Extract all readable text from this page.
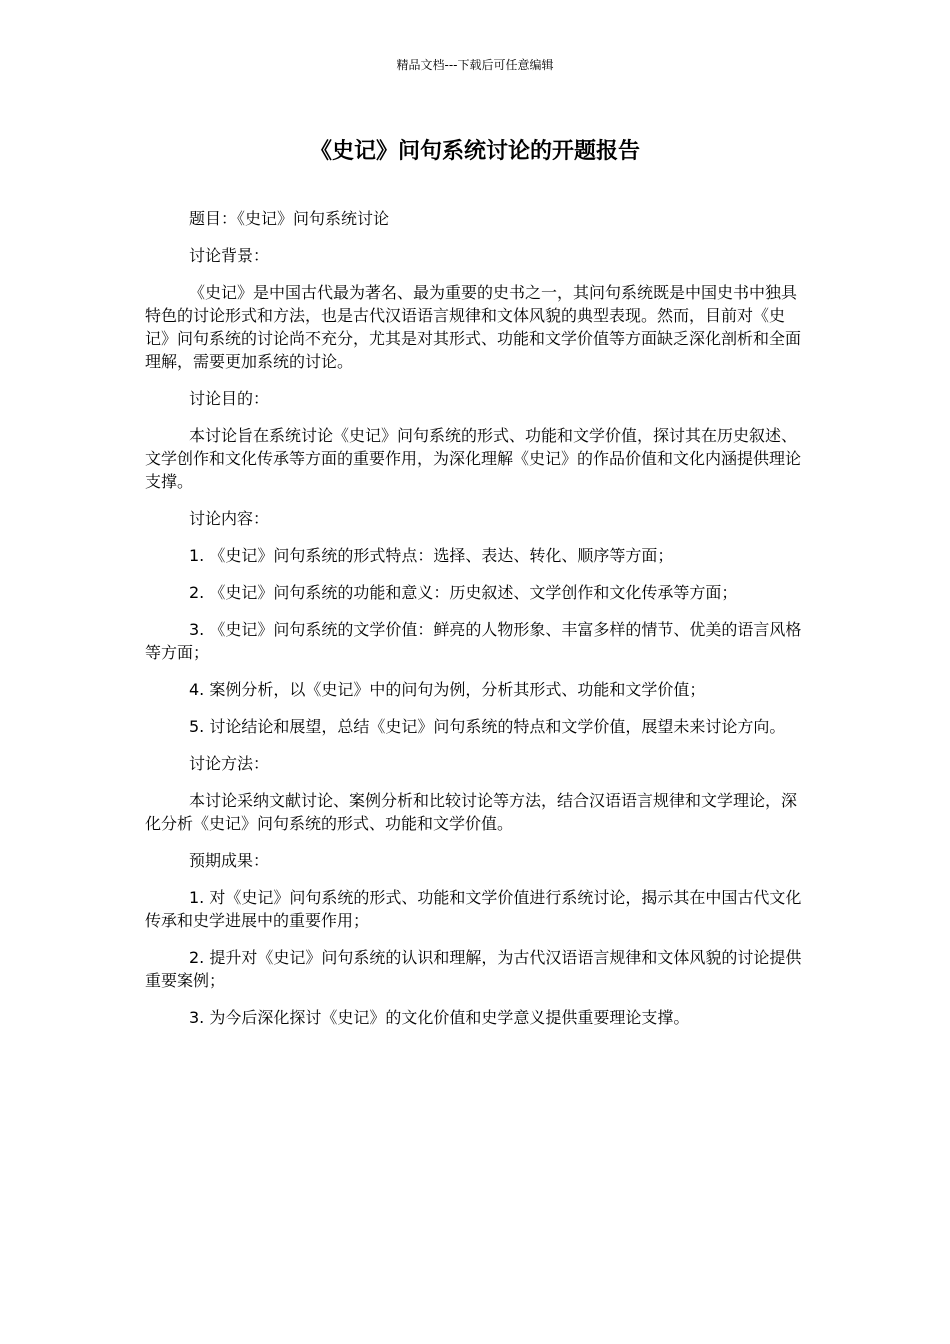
精品文档---下载后可任意编辑
《史记》问句系统讨论的开题报告

题目：《史记》问句系统讨论

讨论背景：

《史记》是中国古代最为著名、最为重要的史书之一，其问句系统既是中国史书中独具特色的讨论形式和方法，也是古代汉语语言规律和文体风貌的典型表现。然而，目前对《史记》问句系统的讨论尚不充分，尤其是对其形式、功能和文学价值等方面缺乏深化剖析和全面理解，需要更加系统的讨论。

讨论目的：

本讨论旨在系统讨论《史记》问句系统的形式、功能和文学价值，探讨其在历史叙述、文学创作和文化传承等方面的重要作用，为深化理解《史记》的作品价值和文化内涵提供理论支撑。

讨论内容：

1. 《史记》问句系统的形式特点：选择、表达、转化、顺序等方面；

2. 《史记》问句系统的功能和意义：历史叙述、文学创作和文化传承等方面；

3. 《史记》问句系统的文学价值：鲜亮的人物形象、丰富多样的情节、优美的语言风格等方面；

4. 案例分析，以《史记》中的问句为例，分析其形式、功能和文学价值；

5. 讨论结论和展望，总结《史记》问句系统的特点和文学价值，展望未来讨论方向。

讨论方法：

本讨论采纳文献讨论、案例分析和比较讨论等方法，结合汉语语言规律和文学理论，深化分析《史记》问句系统的形式、功能和文学价值。

预期成果：

1. 对《史记》问句系统的形式、功能和文学价值进行系统讨论，揭示其在中国古代文化传承和史学进展中的重要作用；

2. 提升对《史记》问句系统的认识和理解，为古代汉语语言规律和文体风貌的讨论提供重要案例；

3. 为今后深化探讨《史记》的文化价值和史学意义提供重要理论支撑。
